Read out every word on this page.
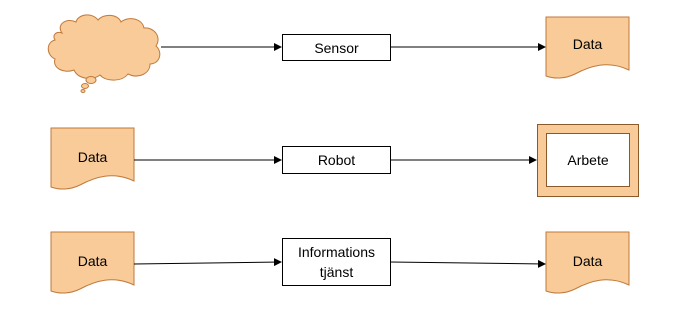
Sensor	Data
Data	Robot	Arbete
Data
Informations tjänst
Data
